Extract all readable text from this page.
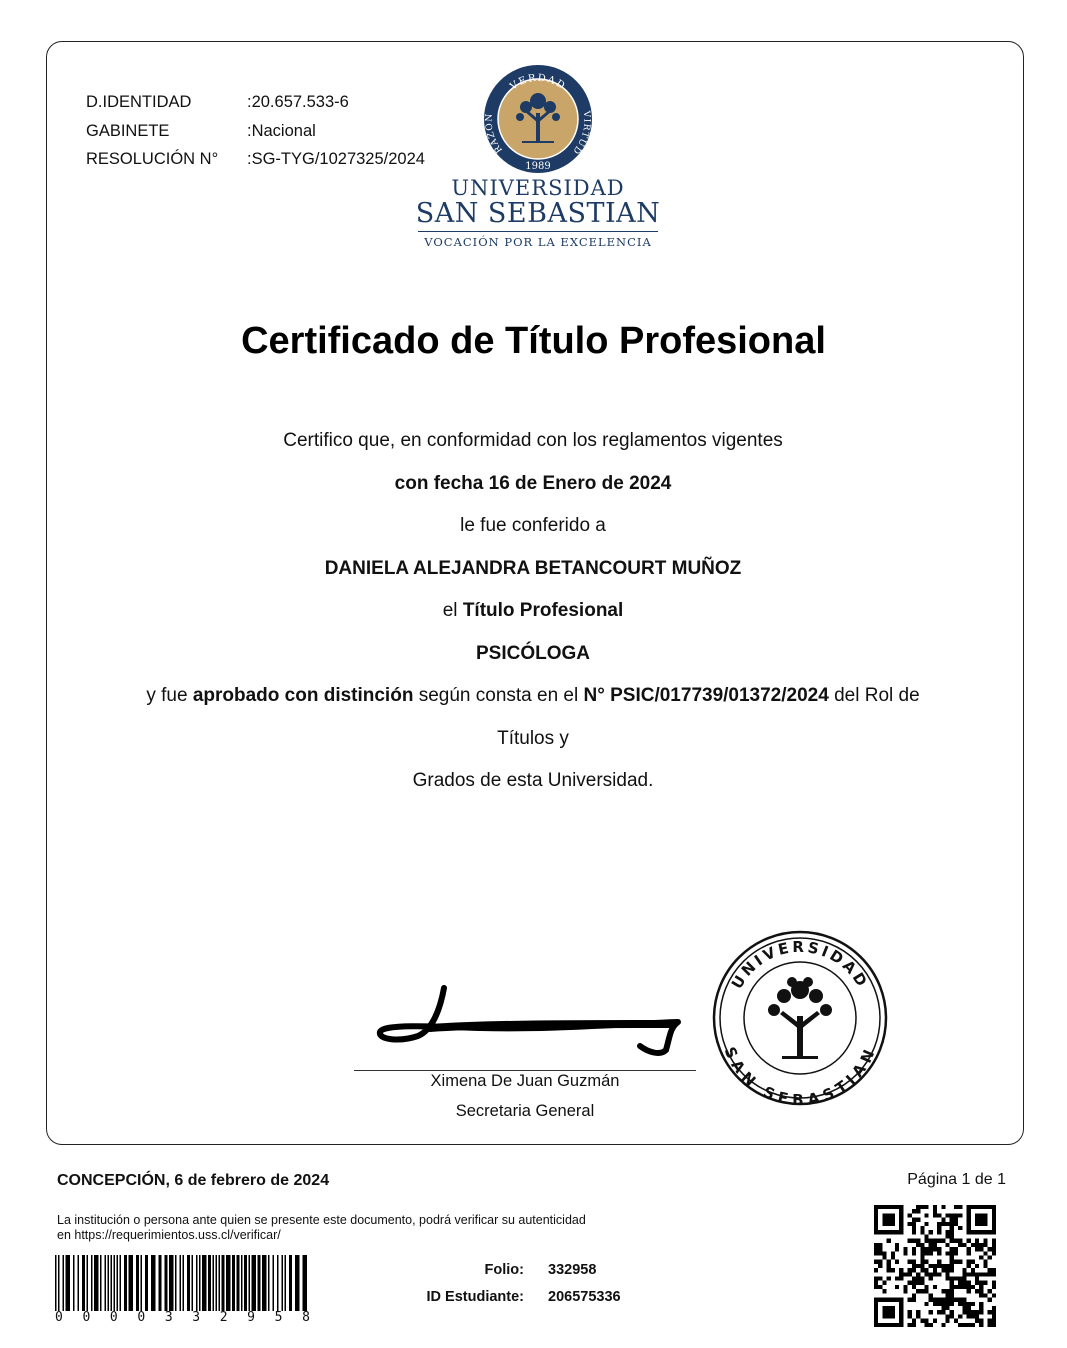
D.IDENTIDAD	:20.657.533-6
GABINETE	:Nacional
RESOLUCIÓN N°	:SG-TYG/1027325/2024
VERDAD
RAZON	VIRTUD
1989
UNIVERSIDAD
SAN SEBASTIAN
VOCACIÓN POR LA EXCELENCIA
Certificado de Título Profesional

Certifico que, en conformidad con los reglamentos vigentes

con fecha 16 de Enero de 2024

le fue conferido a

DANIELA ALEJANDRA BETANCOURT MUÑOZ

el Título Profesional

PSICÓLOGA

y fue aprobado con distinción según consta en el N° PSIC/017739/01372/2024 del Rol de

Títulos y

Grados de esta Universidad.

Ximena De Juan Guzmán
Secretaria General
UNIVERSIDAD
SAN SEBASTIAN
CONCEPCIÓN, 6 de febrero de 2024	Página 1 de 1
La institución o persona ante quien se presente este documento, podrá verificar su autenticidad en https://requerimientos.uss.cl/verificar/
0 0 0 0 3 3 2 9 5 8
Folio:	332958
ID Estudiante:	206575336
